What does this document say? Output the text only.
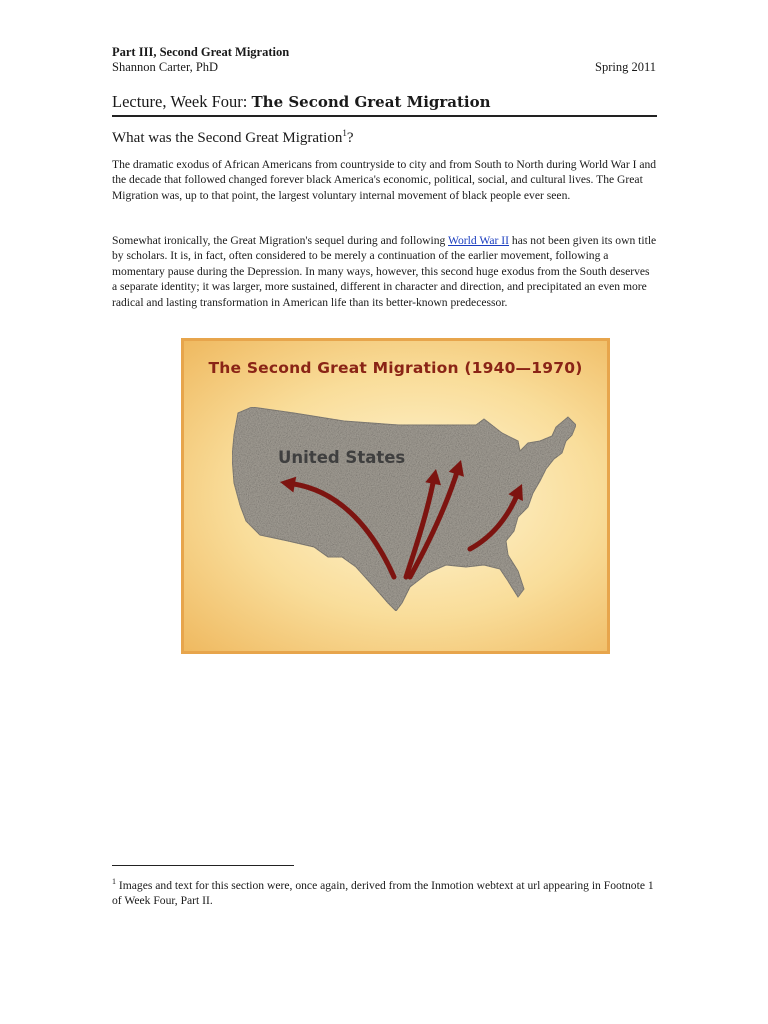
Part III, Second Great Migration
Shannon Carter, PhD	Spring 2011
Lecture, Week Four: The Second Great Migration
What was the Second Great Migration$^1$?

The dramatic exodus of African Americans from countryside to city and from South to North during World War I and the decade that followed changed forever black America's economic, political, social, and cultural lives. The Great Migration was, up to that point, the largest voluntary internal movement of black people ever seen.

Somewhat ironically, the Great Migration's sequel during and following World War II has not been given its own title by scholars. It is, in fact, often considered to be merely a continuation of the earlier movement, following a momentary pause during the Depression. In many ways, however, this second huge exodus from the South deserves a separate identity; it was larger, more sustained, different in character and direction, and precipitated an even more radical and lasting transformation in American life than its better-known predecessor.

The Second Great Migration (1940—1970)
United States

$^1$ Images and text for this section were, once again, derived from the Inmotion webtext at url appearing in Footnote 1 of Week Four, Part II.
